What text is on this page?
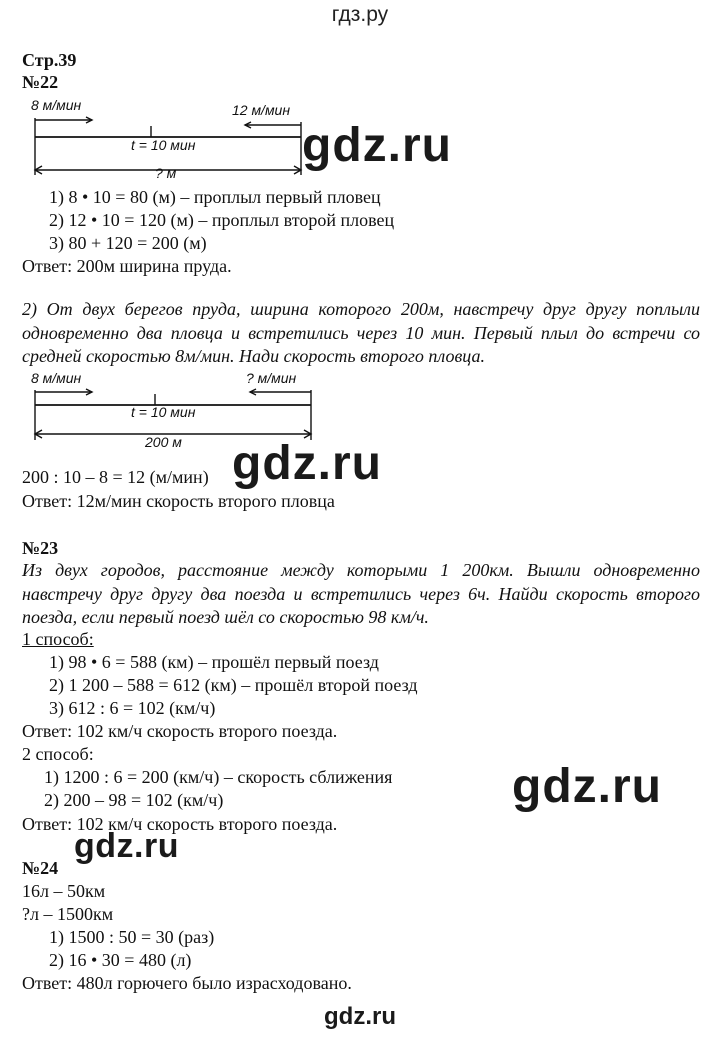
гдз.ру
Стр.39
№22
8 м/мин	12 м/мин
t = 10 мин
? м
gdz.ru
1) 8 • 10 = 80 (м) – проплыл первый пловец
2) 12 • 10 = 120 (м) – проплыл второй пловец
3) 80 + 120 = 200 (м)
Ответ: 200м ширина пруда.
2) От двух берегов пруда, ширина которого 200м, навстречу друг другу поплыли одновременно два пловца и встретились через 10 мин. Первый плыл до встречи со средней скоростью 8м/мин. Нади скорость второго пловца.
8 м/мин	? м/мин
t = 10 мин
200 м
200 : 10 – 8 = 12 (м/мин) gdz.ru
Ответ: 12м/мин скорость второго пловца
№23
Из двух городов, расстояние между которыми 1 200км. Вышли одновременно навстречу друг другу два поезда и встретились через 6ч. Найди скорость второго поезда, если первый поезд шёл со скоростью 98 км/ч.
1 способ:
1) 98 • 6 = 588 (км) – прошёл первый поезд
2) 1 200 – 588 = 612 (км) – прошёл второй поезд
3) 612 : 6 = 102 (км/ч)
Ответ: 102 км/ч скорость второго поезда.
2 способ:
1) 1200 : 6 = 200 (км/ч) – скорость сближения
2) 200 – 98 = 102 (км/ч)
Ответ: 102 км/ч скорость второго поезда.
gdz.ru
gdz.ru
№24
16л – 50км
?л – 1500км
1) 1500 : 50 = 30 (раз)
2) 16 • 30 = 480 (л)
Ответ: 480л горючего было израсходовано.
gdz.ru
